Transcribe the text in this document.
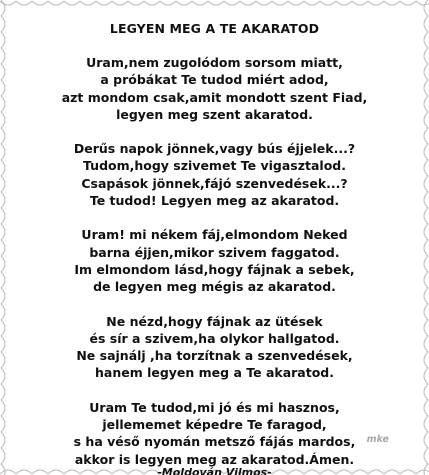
LEGYEN MEG A TE AKARATOD
Uram,nem zugolódom sorsom miatt,
a próbákat Te tudod miért adod,
azt mondom csak,amit mondott szent Fiad,
legyen meg szent akaratod.
Derűs napok jönnek,vagy bús éjjelek...?
Tudom,hogy szivemet Te vigasztalod.
Csapások jönnek,fájó szenvedések...?
Te tudod! Legyen meg az akaratod.
Uram! mi nékem fáj,elmondom Neked
barna éjjen,mikor szivem faggatod.
Im elmondom lásd,hogy fájnak a sebek,
de legyen meg mégis az akaratod.
Ne nézd,hogy fájnak az ütések
és sír a szivem,ha olykor hallgatod.
Ne sajnálj ,ha torzítnak a szenvedések,
hanem legyen meg a Te akaratod.
Uram Te tudod,mi jó és mi hasznos,
jellememet képedre Te faragod,
s ha véső nyomán metsző fájás mardos,
akkor is legyen meg az akaratod.Ámen.
-Moldován Vilmos-
mke
